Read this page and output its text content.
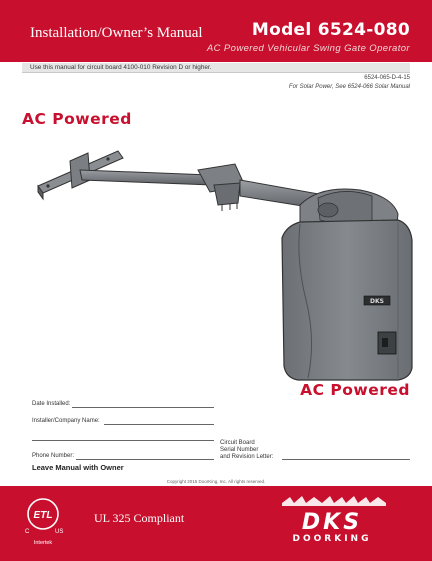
Installation/Owner’s Manual	Model 6524-080
AC Powered Vehicular Swing Gate Operator
Use this manual for circuit board 4100-010 Revision D or higher.
6524-065-D-4-15
For Solar Power, See 6524-066 Solar Manual
AC Powered
DKS
AC Powered
Date Installed:
Installer/Company Name:
Circuit Board
Phone Number:
Serial Number
and Revision Letter:
Leave Manual with Owner
Copyright 2015 DoorKing, Inc. All rights reserved.
ETL
C	US
Intertek
UL 325 Compliant	DKS
DOORKING
